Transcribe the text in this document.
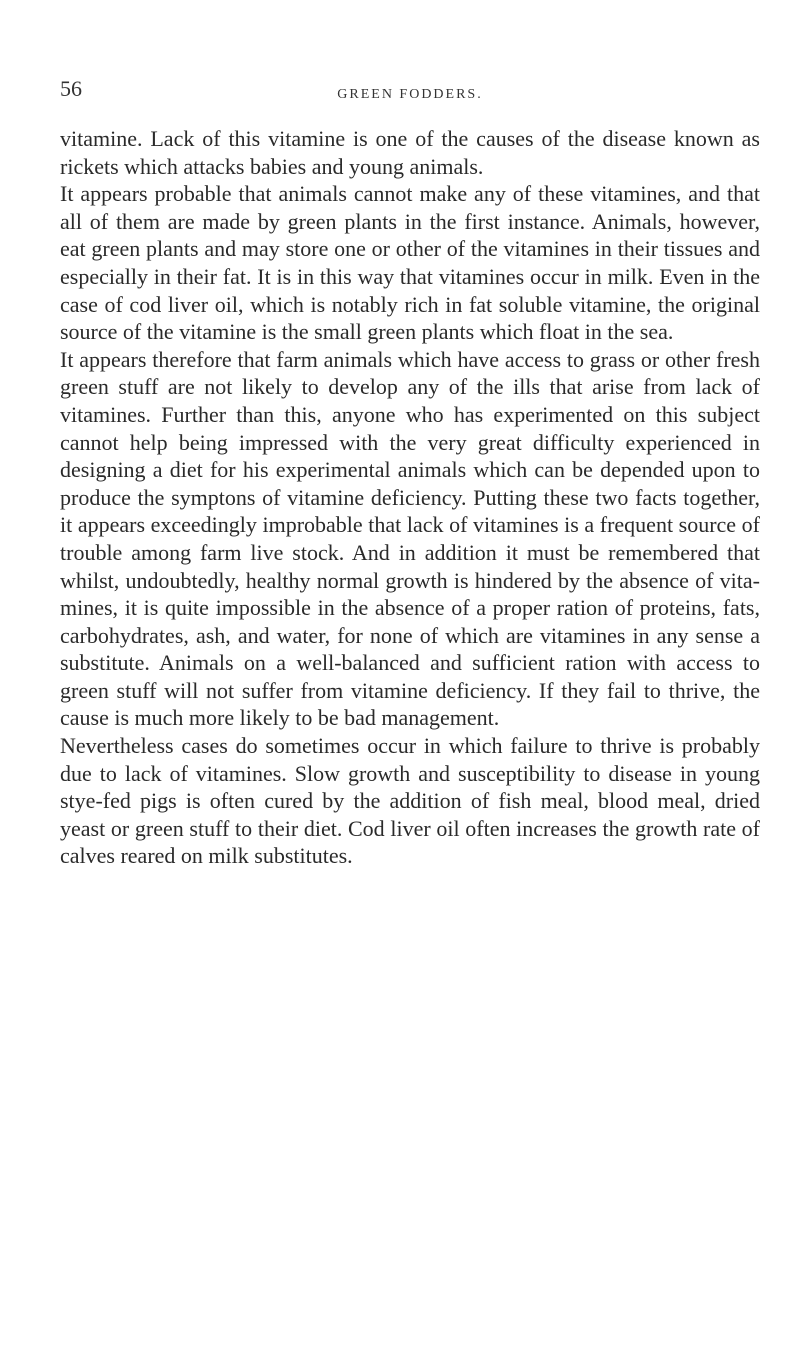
56	GREEN FODDERS.

vitamine. Lack of this vitamine is one of the causes of the disease known as rickets which attacks babies and young animals.

It appears probable that animals cannot make any of these vitamines, and that all of them are made by green plants in the first instance. Animals, however, eat green plants and may store one or other of the vitamines in their tissues and especially in their fat. It is in this way that vitamines occur in milk. Even in the case of cod liver oil, which is notably rich in fat soluble vitamine, the original source of the vitamine is the small green plants which float in the sea.

It appears therefore that farm animals which have access to grass or other fresh green stuff are not likely to develop any of the ills that arise from lack of vitamines. Further than this, anyone who has experimented on this subject cannot help being impressed with the very great difficulty experienced in designing a diet for his experimental animals which can be depended upon to produce the symptons of vitamine deficiency. Putting these two facts together, it appears exceedingly improbable that lack of vitamines is a frequent source of trouble among farm live stock. And in addition it must be remembered that whilst, undoubtedly, healthy normal growth is hindered by the absence of vita- mines, it is quite impossible in the absence of a proper ration of proteins, fats, carbohydrates, ash, and water, for none of which are vitamines in any sense a substitute. Animals on a well-balanced and sufficient ration with access to green stuff will not suffer from vitamine deficiency. If they fail to thrive, the cause is much more likely to be bad management.

Nevertheless cases do sometimes occur in which failure to thrive is probably due to lack of vitamines. Slow growth and susceptibility to disease in young stye-fed pigs is often cured by the addition of fish meal, blood meal, dried yeast or green stuff to their diet. Cod liver oil often increases the growth rate of calves reared on milk substitutes.
